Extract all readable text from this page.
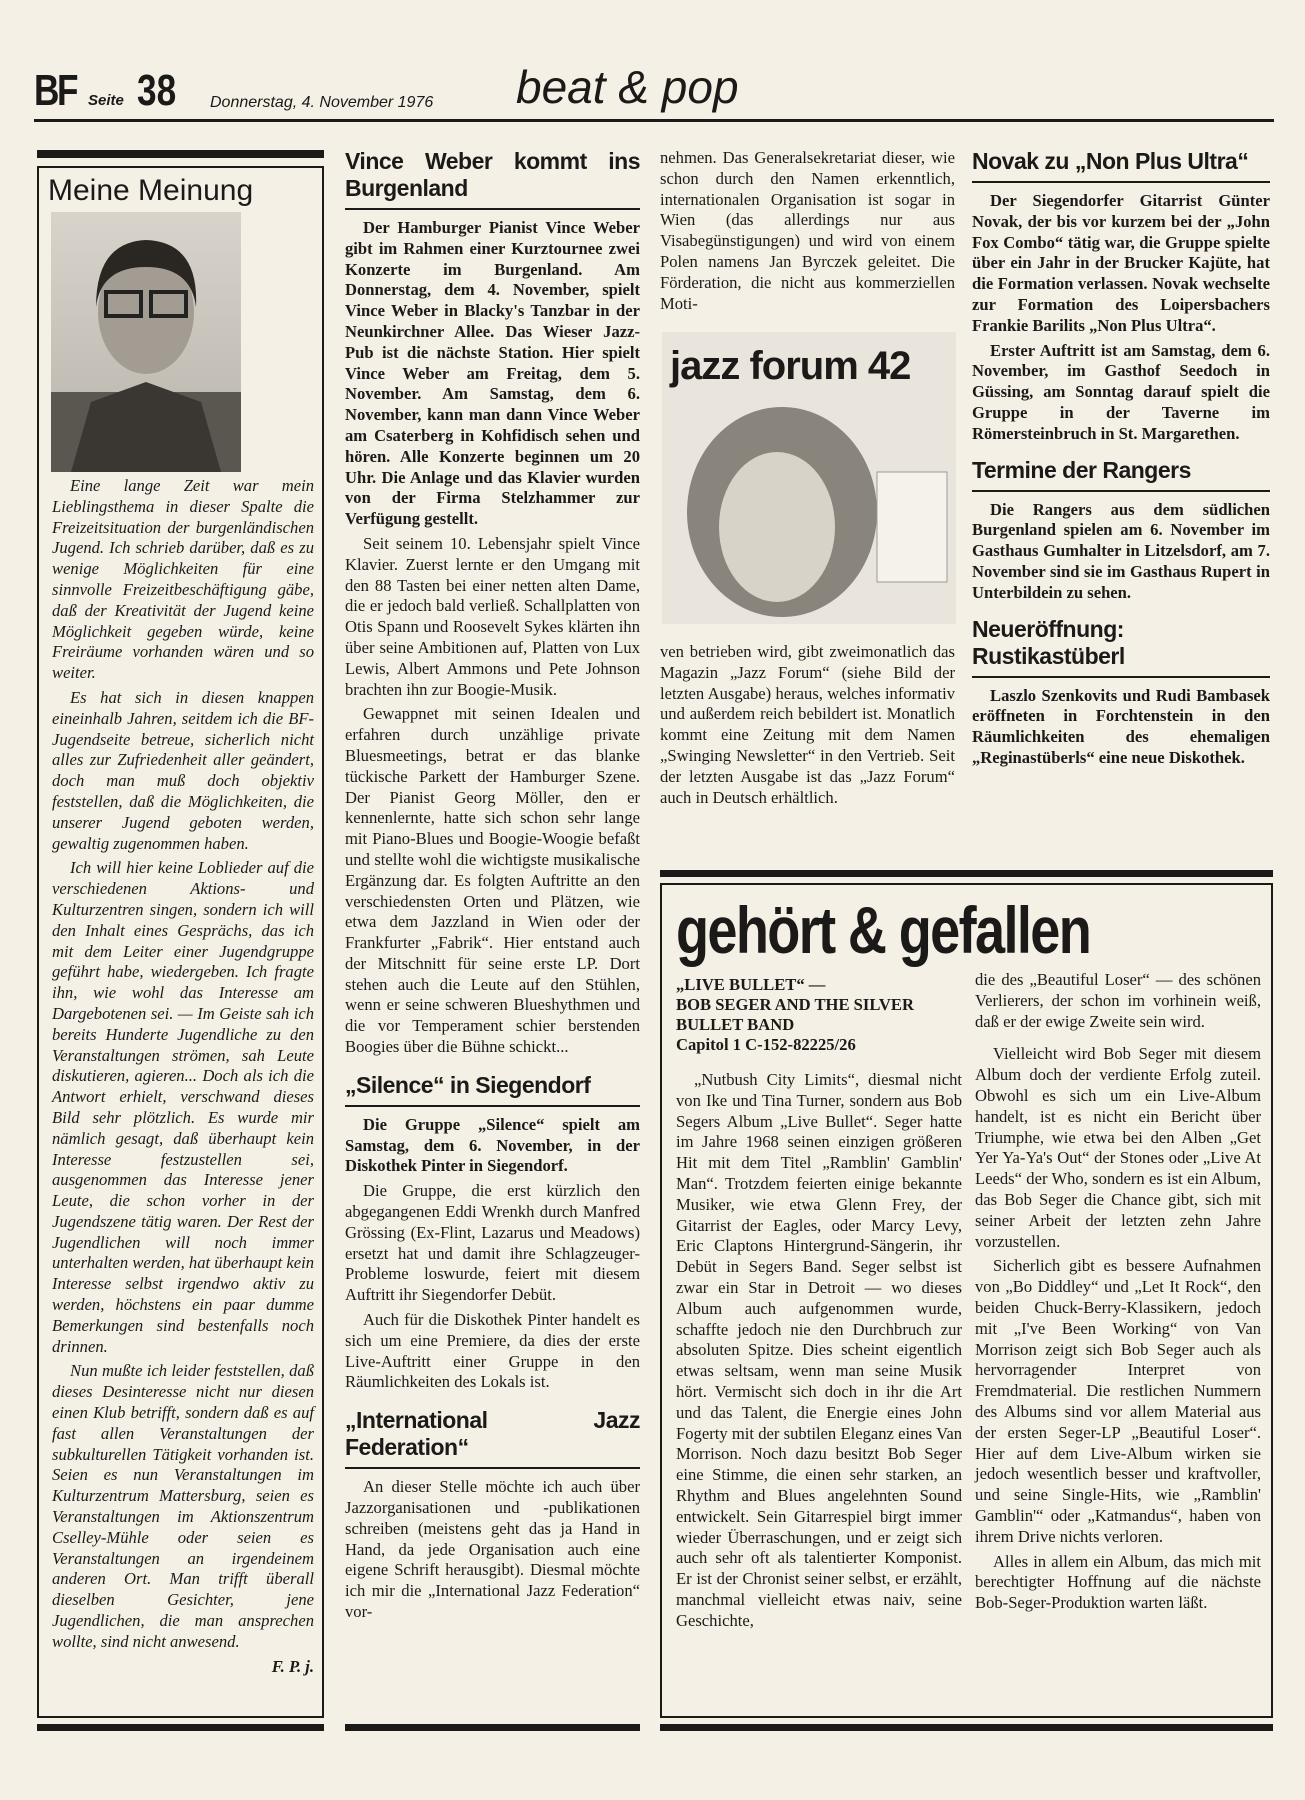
BF Seite 38 Donnerstag, 4. November 1976 beat & pop
Meine Meinung

Eine lange Zeit war mein Lieblingsthema in dieser Spalte die Freizeitsituation der burgenländischen Jugend. Ich schrieb darüber, daß es zu wenige Möglichkeiten für eine sinnvolle Freizeitbeschäftigung gäbe, daß der Kreativität der Jugend keine Möglichkeit gegeben würde, keine Freiräume vorhanden wären und so weiter.

Es hat sich in diesen knappen eineinhalb Jahren, seitdem ich die BF-Jugendseite betreue, sicherlich nicht alles zur Zufriedenheit aller geändert, doch man muß doch objektiv feststellen, daß die Möglichkeiten, die unserer Jugend geboten werden, gewaltig zugenommen haben.

Ich will hier keine Loblieder auf die verschiedenen Aktions- und Kulturzentren singen, sondern ich will den Inhalt eines Gesprächs, das ich mit dem Leiter einer Jugendgruppe geführt habe, wiedergeben. Ich fragte ihn, wie wohl das Interesse am Dargebotenen sei. — Im Geiste sah ich bereits Hunderte Jugendliche zu den Veranstaltungen strömen, sah Leute diskutieren, agieren... Doch als ich die Antwort erhielt, verschwand dieses Bild sehr plötzlich. Es wurde mir nämlich gesagt, daß überhaupt kein Interesse festzustellen sei, ausgenommen das Interesse jener Leute, die schon vorher in der Jugendszene tätig waren. Der Rest der Jugendlichen will noch immer unterhalten werden, hat überhaupt kein Interesse selbst irgendwo aktiv zu werden, höchstens ein paar dumme Bemerkungen sind bestenfalls noch drinnen.

Nun mußte ich leider feststellen, daß dieses Desinteresse nicht nur diesen einen Klub betrifft, sondern daß es auf fast allen Veranstaltungen der subkulturellen Tätigkeit vorhanden ist. Seien es nun Veranstaltungen im Kulturzentrum Mattersburg, seien es Veranstaltungen im Aktionszentrum Cselley-Mühle oder seien es Veranstaltungen an irgendeinem anderen Ort. Man trifft überall dieselben Gesichter, jene Jugendlichen, die man ansprechen wollte, sind nicht anwesend.

F. P. j.
Vince Weber kommt ins Burgenland

Der Hamburger Pianist Vince Weber gibt im Rahmen einer Kurztournee zwei Konzerte im Burgenland. Am Donnerstag, dem 4. November, spielt Vince Weber in Blacky's Tanzbar in der Neunkirchner Allee. Das Wieser Jazz-Pub ist die nächste Station. Hier spielt Vince Weber am Freitag, dem 5. November. Am Samstag, dem 6. November, kann man dann Vince Weber am Csaterberg in Kohfidisch sehen und hören. Alle Konzerte beginnen um 20 Uhr. Die Anlage und das Klavier wurden von der Firma Stelzhammer zur Verfügung gestellt.

Seit seinem 10. Lebensjahr spielt Vince Klavier. Zuerst lernte er den Umgang mit den 88 Tasten bei einer netten alten Dame, die er jedoch bald verließ. Schallplatten von Otis Spann und Roosevelt Sykes klärten ihn über seine Ambitionen auf, Platten von Lux Lewis, Albert Ammons und Pete Johnson brachten ihn zur Boogie-Musik.

Gewappnet mit seinen Idealen und erfahren durch unzählige private Bluesmeetings, betrat er das blanke tückische Parkett der Hamburger Szene. Der Pianist Georg Möller, den er kennenlernte, hatte sich schon sehr lange mit Piano-Blues und Boogie-Woogie befaßt und stellte wohl die wichtigste musikalische Ergänzung dar. Es folgten Auftritte an den verschiedensten Orten und Plätzen, wie etwa dem Jazzland in Wien oder der Frankfurter „Fabrik“. Hier entstand auch der Mitschnitt für seine erste LP. Dort stehen auch die Leute auf den Stühlen, wenn er seine schweren Blueshythmen und die vor Temperament schier berstenden Boogies über die Bühne schickt...

„Silence“ in Siegendorf

Die Gruppe „Silence“ spielt am Samstag, dem 6. November, in der Diskothek Pinter in Siegendorf.

Die Gruppe, die erst kürzlich den abgegangenen Eddi Wrenkh durch Manfred Grössing (Ex-Flint, Lazarus und Meadows) ersetzt hat und damit ihre Schlagzeuger-Probleme loswurde, feiert mit diesem Auftritt ihr Siegendorfer Debüt.

Auch für die Diskothek Pinter handelt es sich um eine Premiere, da dies der erste Live-Auftritt einer Gruppe in den Räumlichkeiten des Lokals ist.

„International Jazz Federation“

An dieser Stelle möchte ich auch über Jazzorganisationen und -publikationen schreiben (meistens geht das ja Hand in Hand, da jede Organisation auch eine eigene Schrift herausgibt). Diesmal möchte ich mir die „International Jazz Federation“ vor-

nehmen. Das Generalsekretariat dieser, wie schon durch den Namen erkenntlich, internationalen Organisation ist sogar in Wien (das allerdings nur aus Visabegünstigungen) und wird von einem Polen namens Jan Byrczek geleitet. Die Förderation, die nicht aus kommerziellen Moti-

jazz forum 42

ven betrieben wird, gibt zweimonatlich das Magazin „Jazz Forum“ (siehe Bild der letzten Ausgabe) heraus, welches informativ und außerdem reich bebildert ist. Monatlich kommt eine Zeitung mit dem Namen „Swinging Newsletter“ in den Vertrieb. Seit der letzten Ausgabe ist das „Jazz Forum“ auch in Deutsch erhältlich.

Novak zu „Non Plus Ultra“

Der Siegendorfer Gitarrist Günter Novak, der bis vor kurzem bei der „John Fox Combo“ tätig war, die Gruppe spielte über ein Jahr in der Brucker Kajüte, hat die Formation verlassen. Novak wechselte zur Formation des Loipersbachers Frankie Barilits „Non Plus Ultra“.

Erster Auftritt ist am Samstag, dem 6. November, im Gasthof Seedoch in Güssing, am Sonntag darauf spielt die Gruppe in der Taverne im Römersteinbruch in St. Margarethen.

Termine der Rangers

Die Rangers aus dem südlichen Burgenland spielen am 6. November im Gasthaus Gumhalter in Litzelsdorf, am 7. November sind sie im Gasthaus Rupert in Unterbildein zu sehen.

Neueröffnung: Rustikastüberl

Laszlo Szenkovits und Rudi Bambasek eröffneten in Forchtenstein in den Räumlichkeiten des ehemaligen „Reginastüberls“ eine neue Diskothek.

gehört & gefallen
„LIVE BULLET“ —
BOB SEGER AND THE SILVER
BULLET BAND
Capitol 1 C-152-82225/26

„Nutbush City Limits“, diesmal nicht von Ike und Tina Turner, sondern aus Bob Segers Album „Live Bullet“. Seger hatte im Jahre 1968 seinen einzigen größeren Hit mit dem Titel „Ramblin' Gamblin' Man“. Trotzdem feierten einige bekannte Musiker, wie etwa Glenn Frey, der Gitarrist der Eagles, oder Marcy Levy, Eric Claptons Hintergrund-Sängerin, ihr Debüt in Segers Band. Seger selbst ist zwar ein Star in Detroit — wo dieses Album auch aufgenommen wurde, schaffte jedoch nie den Durchbruch zur absoluten Spitze. Dies scheint eigentlich etwas seltsam, wenn man seine Musik hört. Vermischt sich doch in ihr die Art und das Talent, die Energie eines John Fogerty mit der subtilen Eleganz eines Van Morrison. Noch dazu besitzt Bob Seger eine Stimme, die einen sehr starken, an Rhythm and Blues angelehnten Sound entwickelt. Sein Gitarrespiel birgt immer wieder Überraschungen, und er zeigt sich auch sehr oft als talentierter Komponist. Er ist der Chronist seiner selbst, er erzählt, manchmal vielleicht etwas naiv, seine Geschichte,

die des „Beautiful Loser“ — des schönen Verlierers, der schon im vorhinein weiß, daß er der ewige Zweite sein wird.

Vielleicht wird Bob Seger mit diesem Album doch der verdiente Erfolg zuteil. Obwohl es sich um ein Live-Album handelt, ist es nicht ein Bericht über Triumphe, wie etwa bei den Alben „Get Yer Ya-Ya's Out“ der Stones oder „Live At Leeds“ der Who, sondern es ist ein Album, das Bob Seger die Chance gibt, sich mit seiner Arbeit der letzten zehn Jahre vorzustellen.

Sicherlich gibt es bessere Aufnahmen von „Bo Diddley“ und „Let It Rock“, den beiden Chuck-Berry-Klassikern, jedoch mit „I've Been Working“ von Van Morrison zeigt sich Bob Seger auch als hervorragender Interpret von Fremdmaterial. Die restlichen Nummern des Albums sind vor allem Material aus der ersten Seger-LP „Beautiful Loser“. Hier auf dem Live-Album wirken sie jedoch wesentlich besser und kraftvoller, und seine Single-Hits, wie „Ramblin' Gamblin'“ oder „Katmandus“, haben von ihrem Drive nichts verloren.

Alles in allem ein Album, das mich mit berechtigter Hoffnung auf die nächste Bob-Seger-Produktion warten läßt.
